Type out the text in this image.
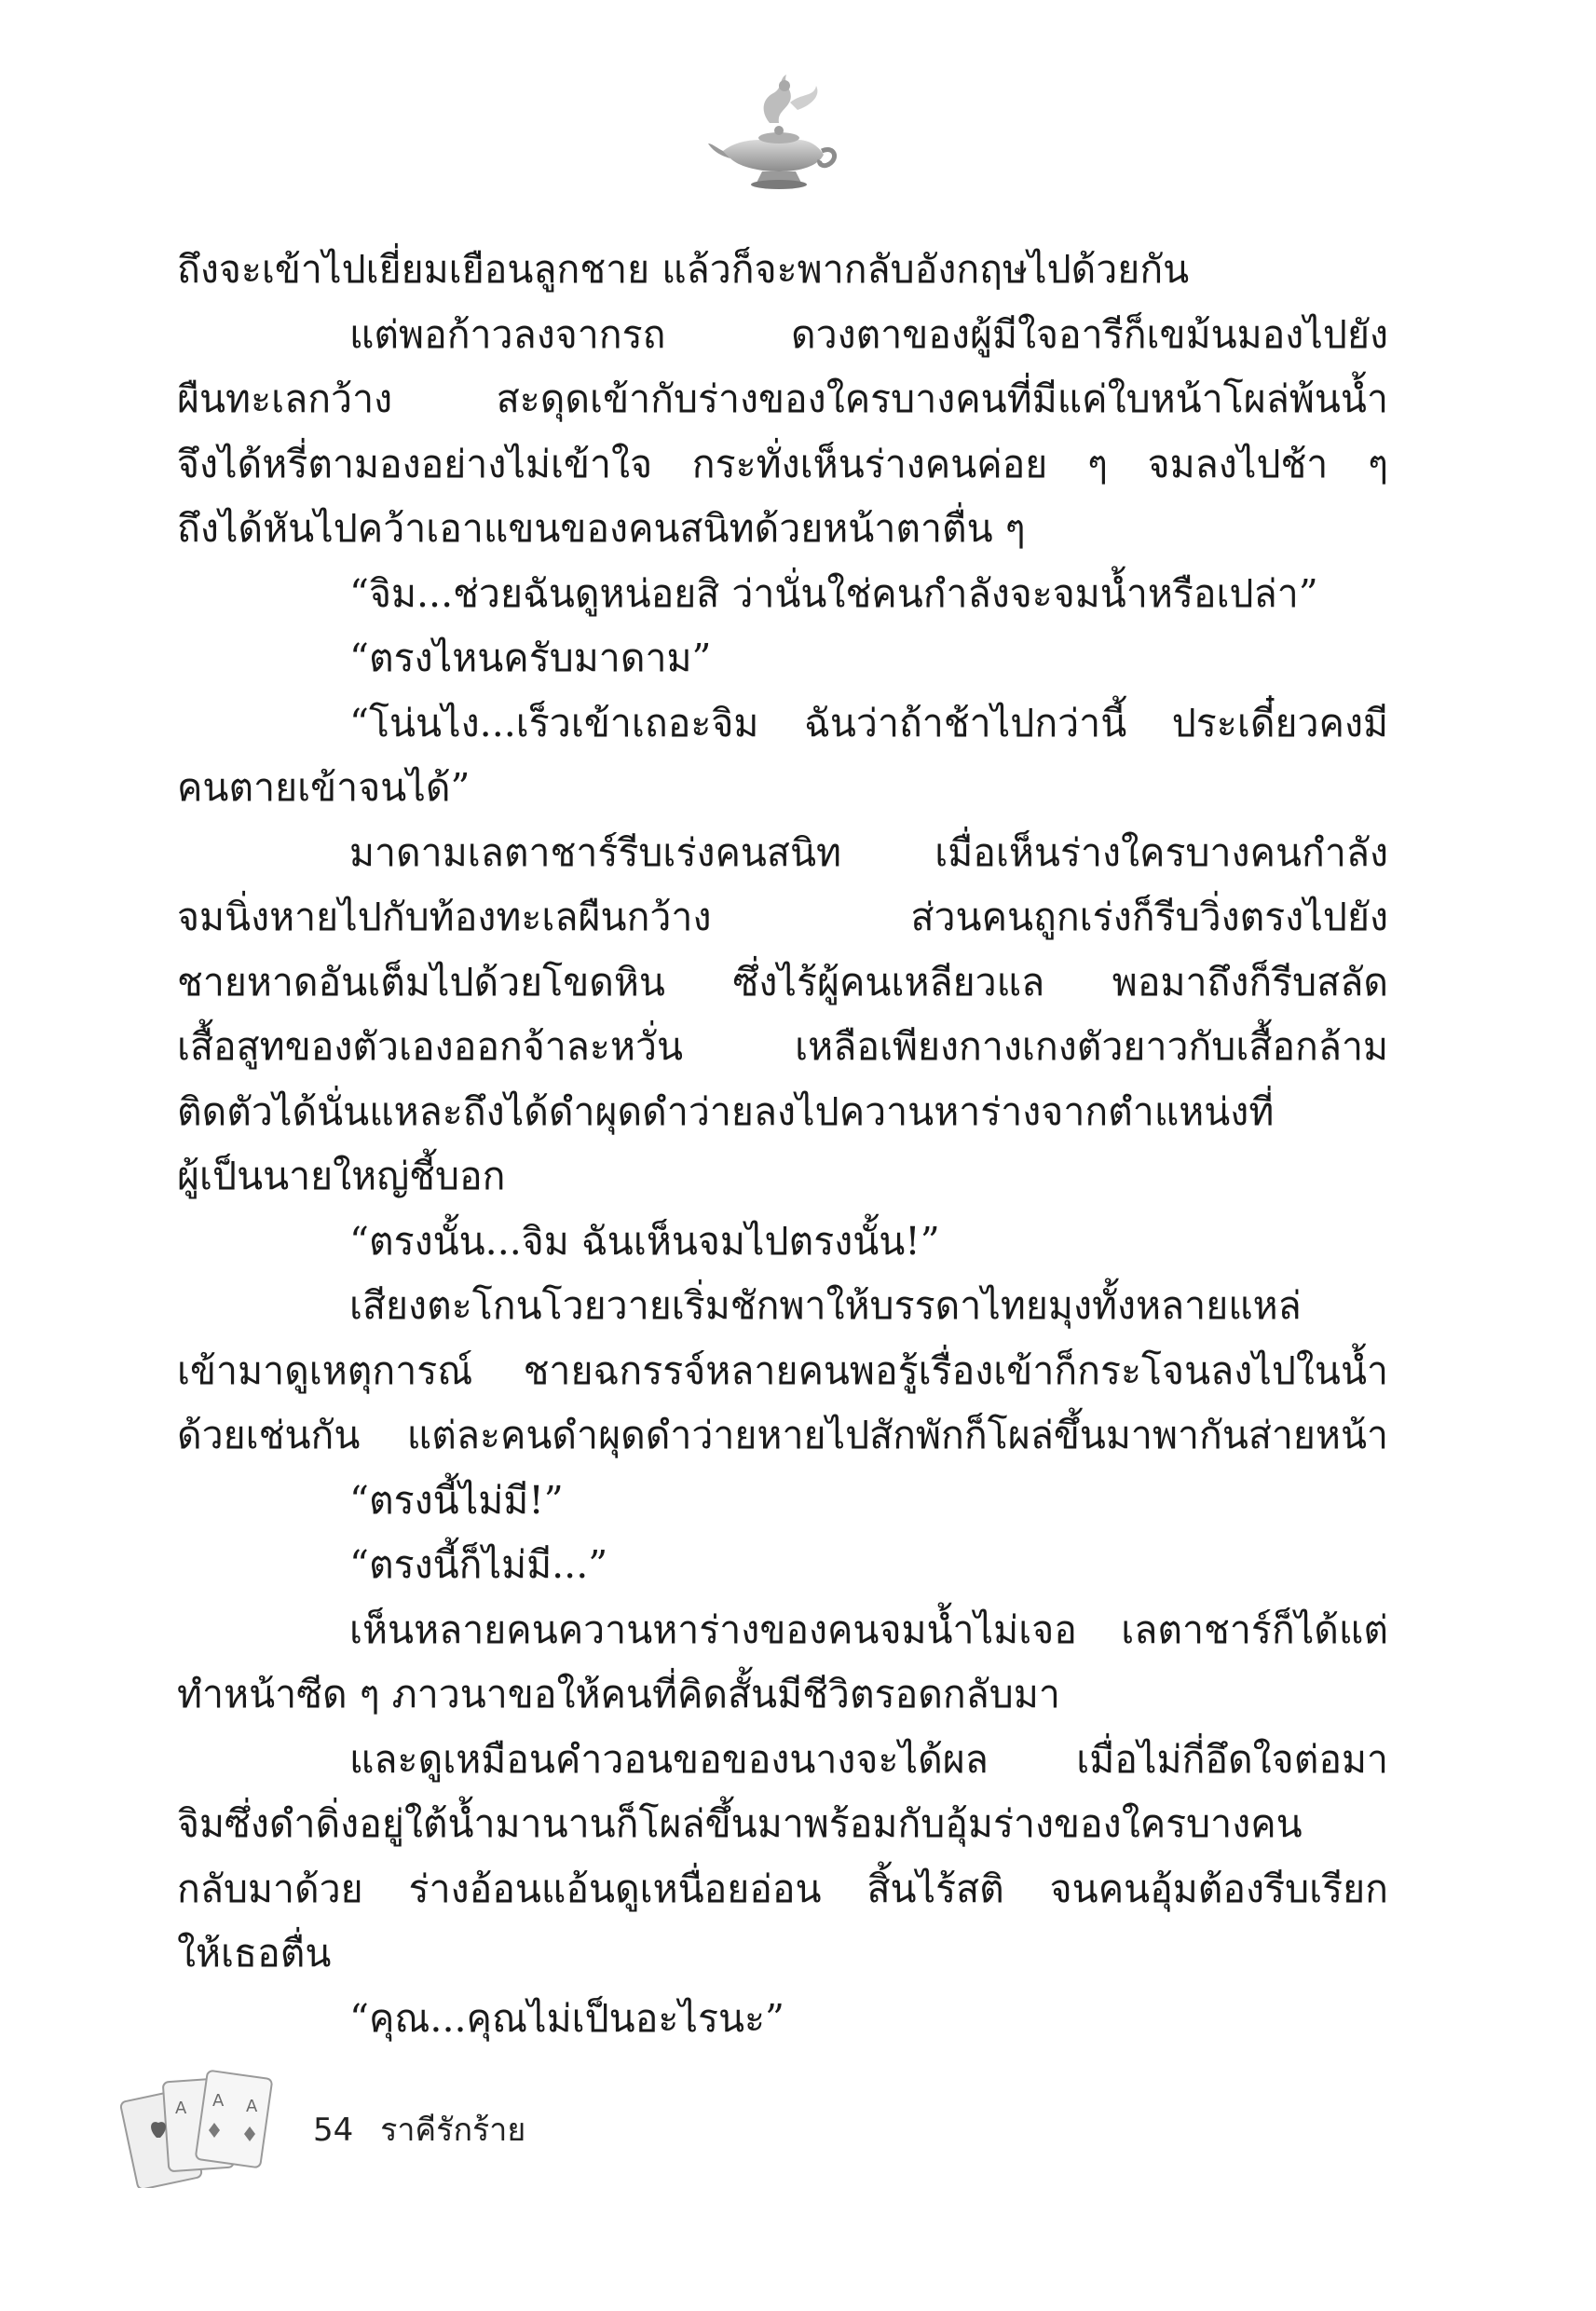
ถึงจะเข้าไปเยี่ยมเยือนลูกชาย แล้วก็จะพากลับอังกฤษไปด้วยกัน
แต่พอก้าวลงจากรถ ดวงตาของผู้มีใจอารีก็เขม้นมองไปยัง
ผืนทะเลกว้าง สะดุดเข้ากับร่างของใครบางคนที่มีแค่ใบหน้าโผล่พ้นน้ำ
จึงได้หรี่ตามองอย่างไม่เข้าใจ กระทั่งเห็นร่างคนค่อย ๆ จมลงไปช้า ๆ
ถึงได้หันไปคว้าเอาแขนของคนสนิทด้วยหน้าตาตื่น ๆ
“จิม...ช่วยฉันดูหน่อยสิ ว่านั่นใช่คนกำลังจะจมน้ำหรือเปล่า”
“ตรงไหนครับมาดาม”
“โน่นไง...เร็วเข้าเถอะจิม ฉันว่าถ้าช้าไปกว่านี้ ประเดี๋ยวคงมี
คนตายเข้าจนได้”
มาดามเลตาชาร์รีบเร่งคนสนิท เมื่อเห็นร่างใครบางคนกำลัง
จมนิ่งหายไปกับท้องทะเลผืนกว้าง ส่วนคนถูกเร่งก็รีบวิ่งตรงไปยัง
ชายหาดอันเต็มไปด้วยโขดหิน ซึ่งไร้ผู้คนเหลียวแล พอมาถึงก็รีบสลัด
เสื้อสูทของตัวเองออกจ้าละหวั่น เหลือเพียงกางเกงตัวยาวกับเสื้อกล้าม
ติดตัวได้นั่นแหละถึงได้ดำผุดดำว่ายลงไปควานหาร่างจากตำแหน่งที่
ผู้เป็นนายใหญ่ชี้บอก
“ตรงนั้น...จิม ฉันเห็นจมไปตรงนั้น!”
เสียงตะโกนโวยวายเริ่มชักพาให้บรรดาไทยมุงทั้งหลายแหล่
เข้ามาดูเหตุการณ์ ชายฉกรรจ์หลายคนพอรู้เรื่องเข้าก็กระโจนลงไปในน้ำ
ด้วยเช่นกัน แต่ละคนดำผุดดำว่ายหายไปสักพักก็โผล่ขึ้นมาพากันส่ายหน้า
“ตรงนี้ไม่มี!”
“ตรงนี้ก็ไม่มี...”
เห็นหลายคนควานหาร่างของคนจมน้ำไม่เจอ เลตาชาร์ก็ได้แต่
ทำหน้าซีด ๆ ภาวนาขอให้คนที่คิดสั้นมีชีวิตรอดกลับมา
และดูเหมือนคำวอนขอของนางจะได้ผล เมื่อไม่กี่อึดใจต่อมา
จิมซึ่งดำดิ่งอยู่ใต้น้ำมานานก็โผล่ขึ้นมาพร้อมกับอุ้มร่างของใครบางคน
กลับมาด้วย ร่างอ้อนแอ้นดูเหนื่อยอ่อน สิ้นไร้สติ จนคนอุ้มต้องรีบเรียก
ให้เธอตื่น
“คุณ...คุณไม่เป็นอะไรนะ”
A A A
54 ราคีรักร้าย
